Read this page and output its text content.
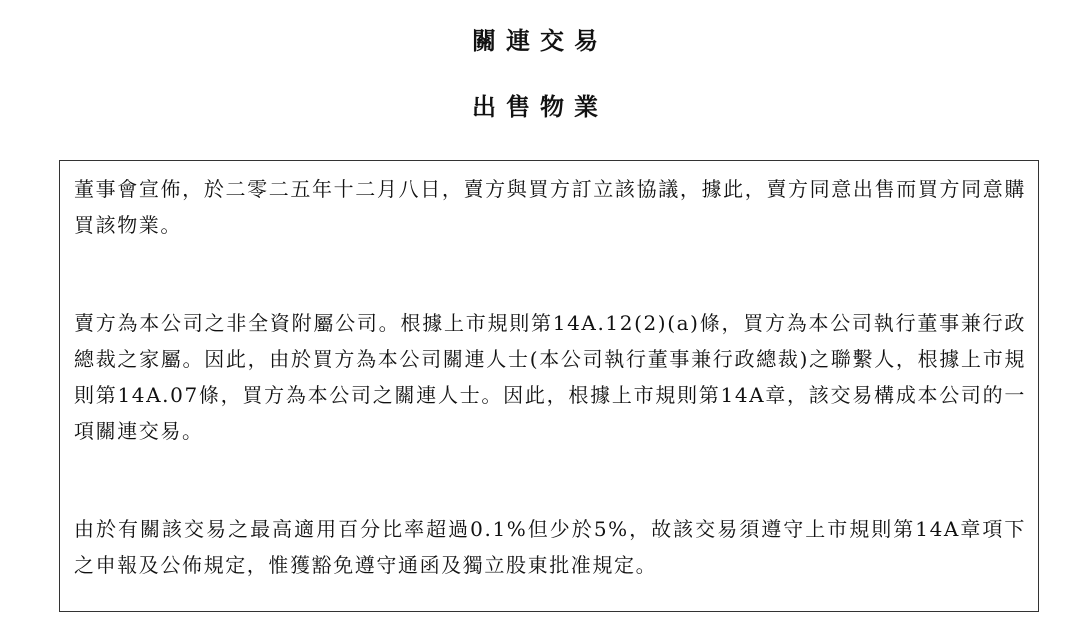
關連交易
出售物業

董事會宣佈，於二零二五年十二月八日，賣方與買方訂立該協議，據此，賣方同意出售而買方同意購買該物業。

賣方為本公司之非全資附屬公司。根據上市規則第14A.12(2)(a)條，買方為本公司執行董事兼行政總裁之家屬。因此，由於買方為本公司關連人士(本公司執行董事兼行政總裁)之聯繫人，根據上市規則第14A.07條，買方為本公司之關連人士。因此，根據上市規則第14A章，該交易構成本公司的一項關連交易。

由於有關該交易之最高適用百分比率超過0.1%但少於5%，故該交易須遵守上市規則第14A章項下之申報及公佈規定，惟獲豁免遵守通函及獨立股東批准規定。
